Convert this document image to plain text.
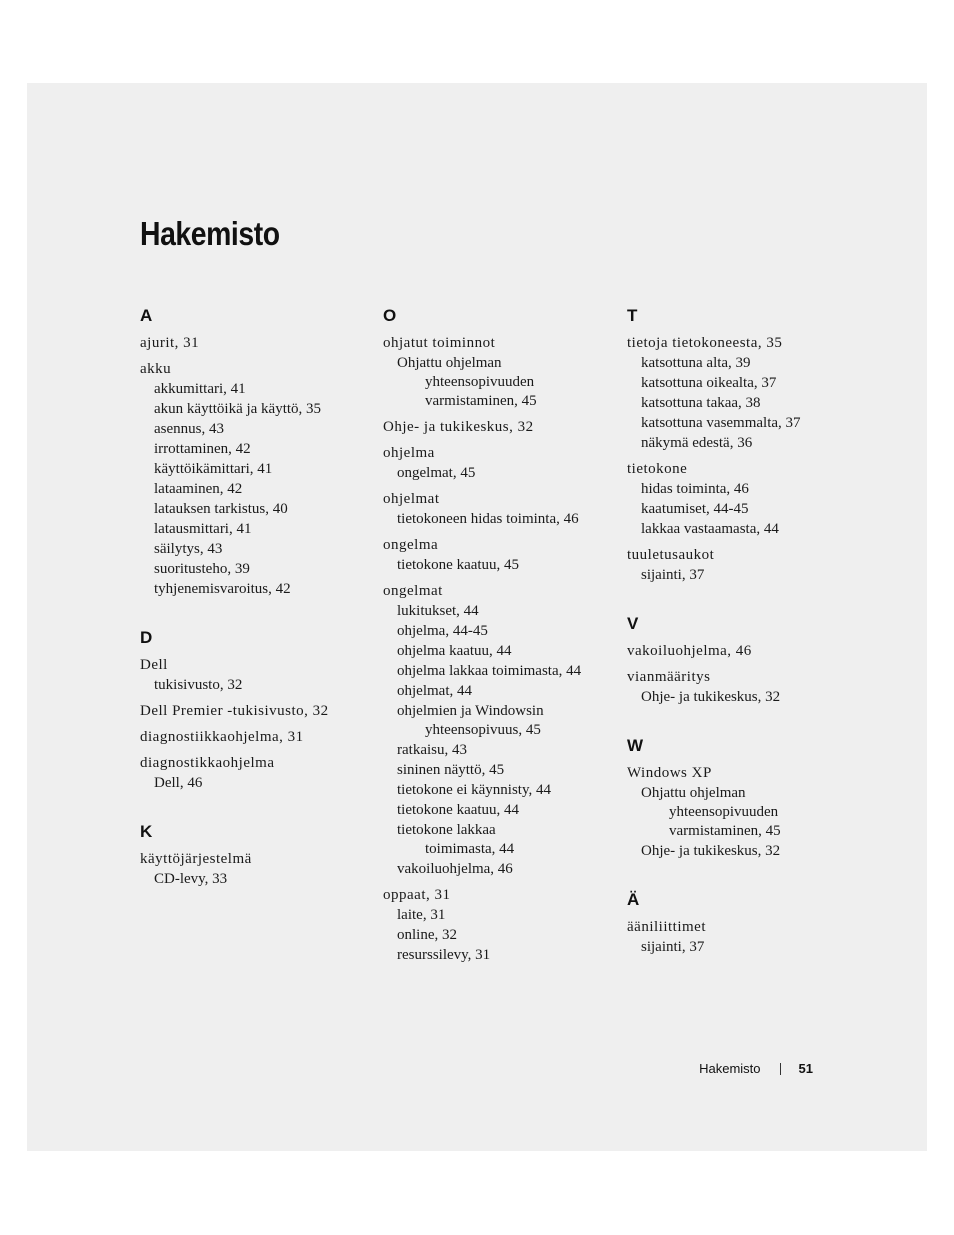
Hakemisto
A
ajurit, 31
akku
akkumittari, 41
akun käyttöikä ja käyttö, 35
asennus, 43
irrottaminen, 42
käyttöikämittari, 41
lataaminen, 42
latauksen tarkistus, 40
latausmittari, 41
säilytys, 43
suoritusteho, 39
tyhjenemisvaroitus, 42
D
Dell
tukisivusto, 32
Dell Premier -tukisivusto, 32
diagnostiikkaohjelma, 31
diagnostikkaohjelma
Dell, 46
K
käyttöjärjestelmä
CD-levy, 33
O
ohjatut toiminnot
Ohjattu ohjelman
yhteensopivuuden
varmistaminen, 45
Ohje- ja tukikeskus, 32
ohjelma
ongelmat, 45
ohjelmat
tietokoneen hidas toiminta, 46
ongelma
tietokone kaatuu, 45
ongelmat
lukitukset, 44
ohjelma, 44-45
ohjelma kaatuu, 44
ohjelma lakkaa toimimasta, 44
ohjelmat, 44
ohjelmien ja Windowsin
yhteensopivuus, 45
ratkaisu, 43
sininen näyttö, 45
tietokone ei käynnisty, 44
tietokone kaatuu, 44
tietokone lakkaa
toimimasta, 44
vakoiluohjelma, 46
oppaat, 31
laite, 31
online, 32
resurssilevy, 31
T
tietoja tietokoneesta, 35
katsottuna alta, 39
katsottuna oikealta, 37
katsottuna takaa, 38
katsottuna vasemmalta, 37
näkymä edestä, 36
tietokone
hidas toiminta, 46
kaatumiset, 44-45
lakkaa vastaamasta, 44
tuuletusaukot
sijainti, 37
V
vakoiluohjelma, 46
vianmääritys
Ohje- ja tukikeskus, 32
W
Windows XP
Ohjattu ohjelman
yhteensopivuuden
varmistaminen, 45
Ohje- ja tukikeskus, 32
Ä
ääniliittimet
sijainti, 37
Hakemisto	51
